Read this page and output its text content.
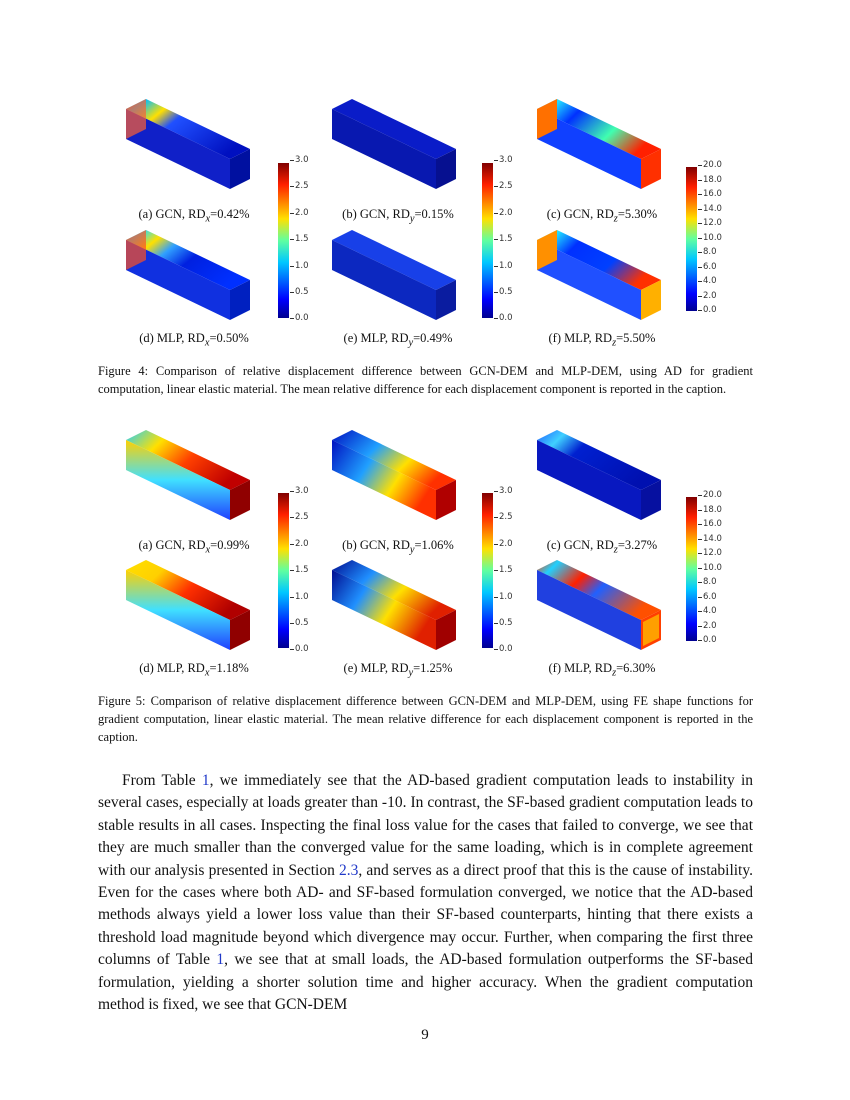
3.0
2.5
2.0
1.5
1.0
0.5
0.0
3.0
2.5
2.0
1.5
1.0
0.5
0.0
20.0
18.0
16.0
14.0
12.0
10.0
8.0
6.0
4.0
2.0
0.0
(a) GCN, $RD_x=0.42\%$	(b) GCN, $RD_y=0.15\%$	(c) GCN, $RD_z=5.30\%$
(d) MLP, $RD_x=0.50\%$	(e) MLP, $RD_y=0.49\%$	(f) MLP, $RD_z=5.50\%$
Figure 4: Comparison of relative displacement difference between GCN-DEM and MLP-DEM, using AD for gradient computation, linear elastic material. The mean relative difference for each displacement component is reported in the caption.
3.0
2.5
2.0
1.5
1.0
0.5
0.0
3.0
2.5
2.0
1.5
1.0
0.5
0.0
20.0
18.0
16.0
14.0
12.0
10.0
8.0
6.0
4.0
2.0
0.0
(a) GCN, $RD_x=0.99\%$	(b) GCN, $RD_y=1.06\%$	(c) GCN, $RD_z=3.27\%$
(d) MLP, $RD_x=1.18\%$	(e) MLP, $RD_y=1.25\%$	(f) MLP, $RD_z=6.30\%$
Figure 5: Comparison of relative displacement difference between GCN-DEM and MLP-DEM, using FE shape functions for gradient computation, linear elastic material. The mean relative difference for each displacement component is reported in the caption.

From Table 1, we immediately see that the AD-based gradient computation leads to instability in several cases, especially at loads greater than -10. In contrast, the SF-based gradient computation leads to stable results in all cases. Inspecting the final loss value for the cases that failed to converge, we see that they are much smaller than the converged value for the same loading, which is in complete agreement with our analysis presented in Section 2.3, and serves as a direct proof that this is the cause of instability. Even for the cases where both AD- and SF-based formulation converged, we notice that the AD-based methods always yield a lower loss value than their SF-based counterparts, hinting that there exists a threshold load magnitude beyond which divergence may occur. Further, when comparing the first three columns of Table 1, we see that at small loads, the AD-based formulation outperforms the SF-based formulation, yielding a shorter solution time and higher accuracy. When the gradient computation method is fixed, we see that GCN-DEM

9
